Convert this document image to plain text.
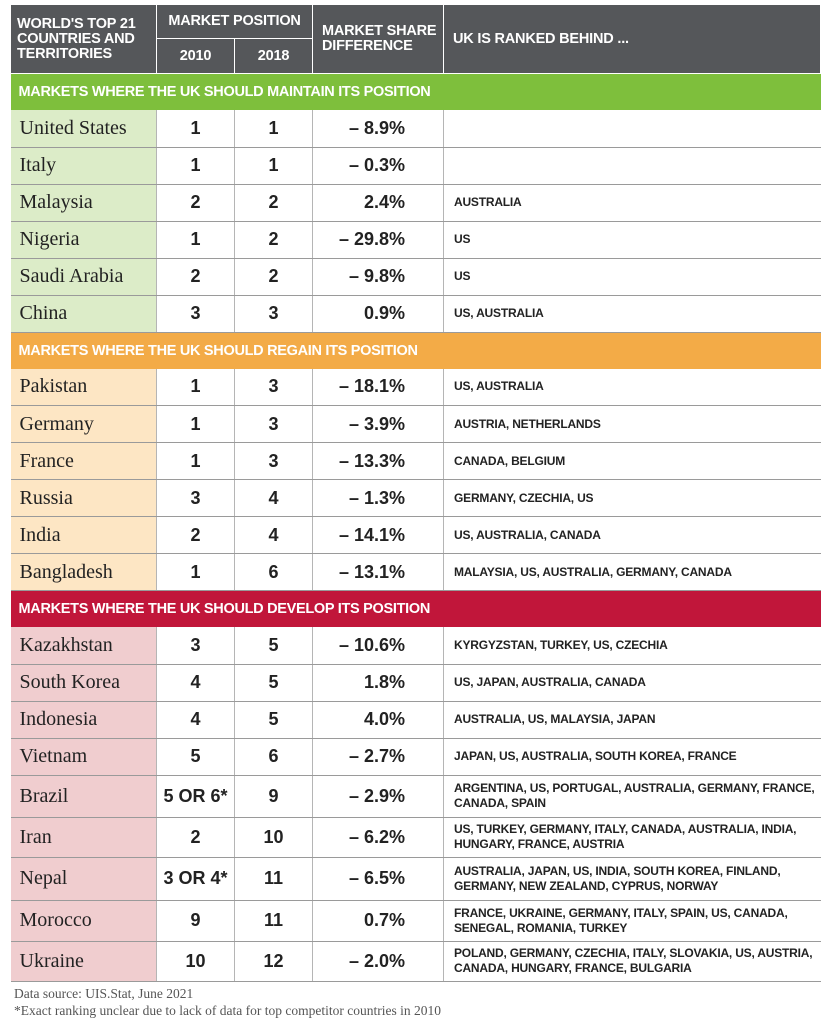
WORLD'S TOP 21 COUNTRIES AND TERRITORIES	MARKET POSITION		MARKET SHARE DIFFERENCE	UK IS RANKED BEHIND ...
	2010	2018		
MARKETS WHERE THE UK SHOULD MAINTAIN ITS POSITION				
United States	1	1	– 8.9%	
Italy	1	1	– 0.3%	
Malaysia	2	2	2.4%	AUSTRALIA
Nigeria	1	2	– 29.8%	US
Saudi Arabia	2	2	– 9.8%	US
China	3	3	0.9%	US, AUSTRALIA
MARKETS WHERE THE UK SHOULD REGAIN ITS POSITION				
Pakistan	1	3	– 18.1%	US, AUSTRALIA
Germany	1	3	– 3.9%	AUSTRIA, NETHERLANDS
France	1	3	– 13.3%	CANADA, BELGIUM
Russia	3	4	– 1.3%	GERMANY, CZECHIA, US
India	2	4	– 14.1%	US, AUSTRALIA, CANADA
Bangladesh	1	6	– 13.1%	MALAYSIA, US, AUSTRALIA, GERMANY, CANADA
MARKETS WHERE THE UK SHOULD DEVELOP ITS POSITION				
Kazakhstan	3	5	– 10.6%	KYRGYZSTAN, TURKEY, US, CZECHIA
South Korea	4	5	1.8%	US, JAPAN, AUSTRALIA, CANADA
Indonesia	4	5	4.0%	AUSTRALIA, US, MALAYSIA, JAPAN
Vietnam	5	6	– 2.7%	JAPAN, US, AUSTRALIA, SOUTH KOREA, FRANCE
Brazil	5 OR 6*	9	– 2.9%	ARGENTINA, US, PORTUGAL, AUSTRALIA, GERMANY, FRANCE, CANADA, SPAIN
Iran	2	10	– 6.2%	US, TURKEY, GERMANY, ITALY, CANADA, AUSTRALIA, INDIA, HUNGARY, FRANCE, AUSTRIA
Nepal	3 OR 4*	11	– 6.5%	AUSTRALIA, JAPAN, US, INDIA, SOUTH KOREA, FINLAND, GERMANY, NEW ZEALAND, CYPRUS, NORWAY
Morocco	9	11	0.7%	FRANCE, UKRAINE, GERMANY, ITALY, SPAIN, US, CANADA, SENEGAL, ROMANIA, TURKEY
Ukraine	10	12	– 2.0%	POLAND, GERMANY, CZECHIA, ITALY, SLOVAKIA, US, AUSTRIA, CANADA, HUNGARY, FRANCE, BULGARIA
Data source: UIS.Stat, June 2021
*Exact ranking unclear due to lack of data for top competitor countries in 2010
